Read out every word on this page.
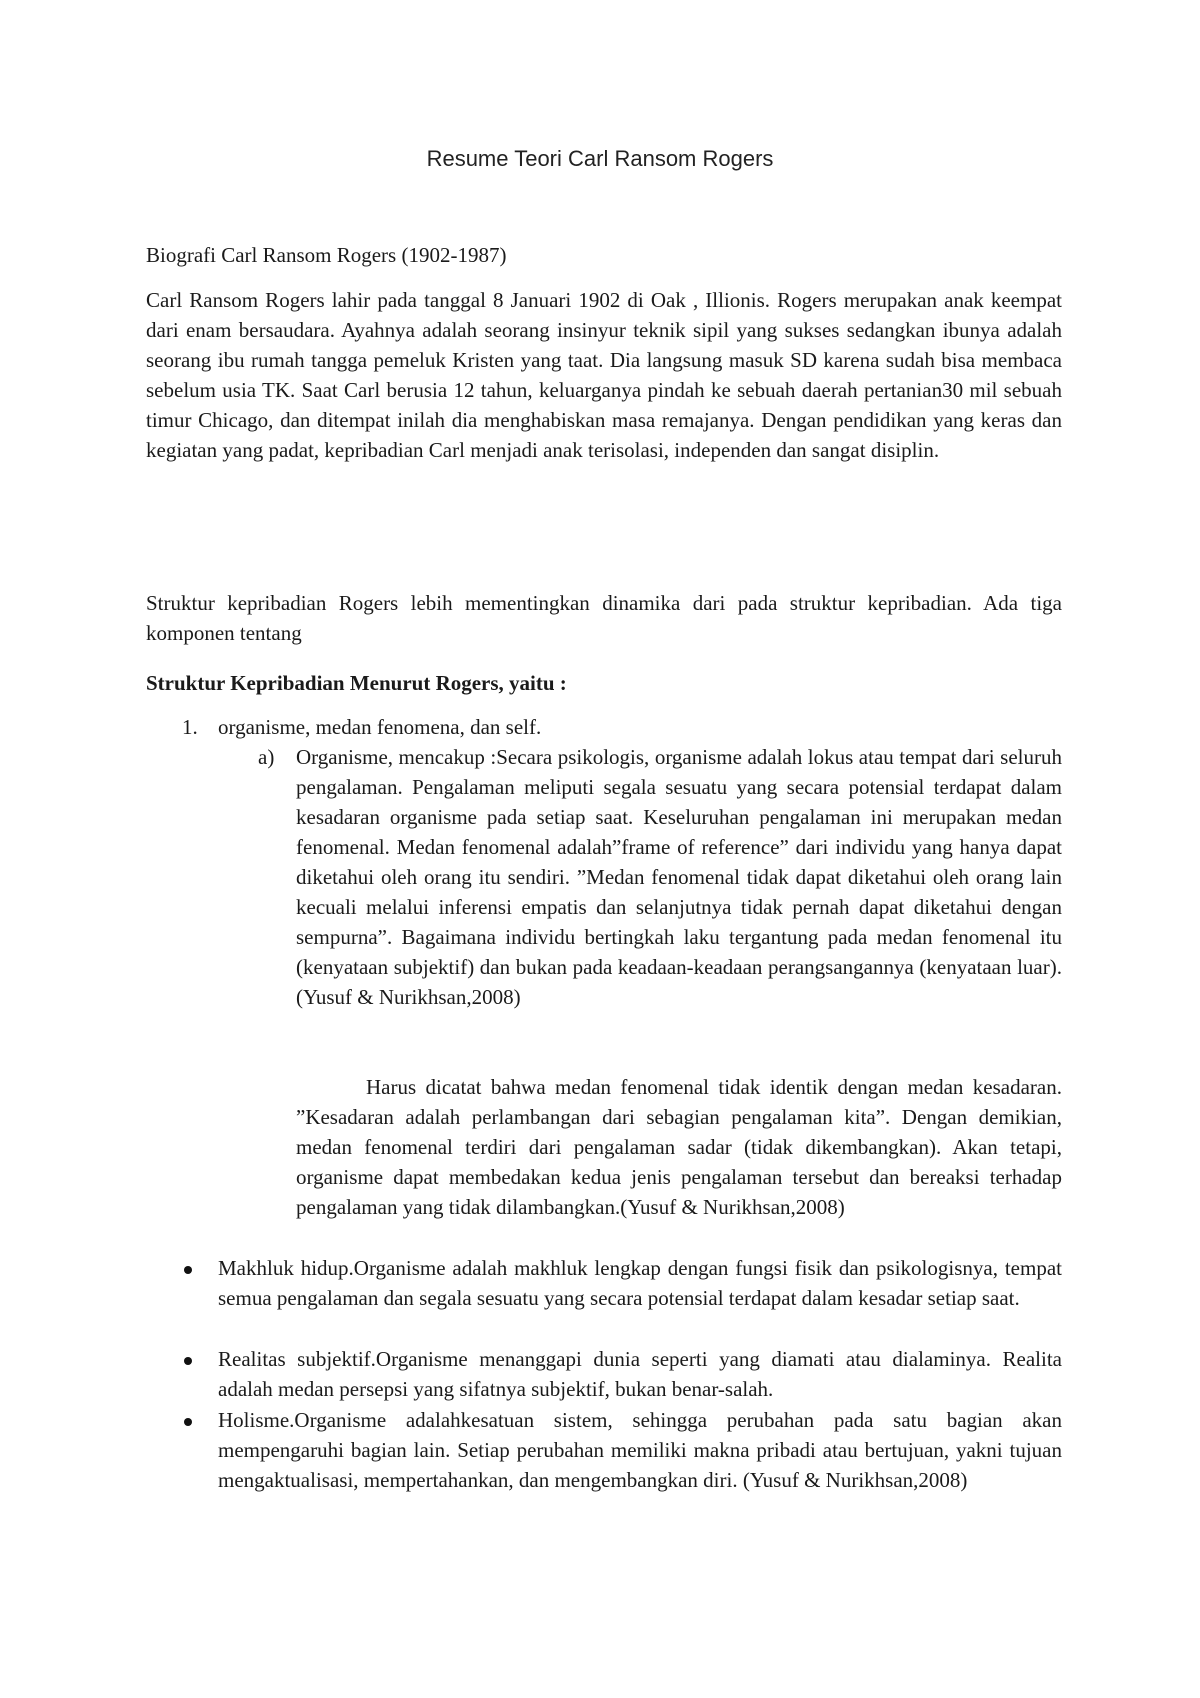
Resume Teori Carl Ransom Rogers

Biografi Carl Ransom Rogers (1902-1987)

Carl Ransom Rogers lahir pada tanggal 8 Januari 1902 di Oak , Illionis. Rogers merupakan anak keempat dari enam bersaudara. Ayahnya adalah seorang insinyur teknik sipil yang sukses sedangkan ibunya adalah seorang ibu rumah tangga pemeluk Kristen yang taat. Dia langsung masuk SD karena sudah bisa membaca sebelum usia TK. Saat Carl berusia 12 tahun, keluarganya pindah ke sebuah daerah pertanian30 mil sebuah timur Chicago, dan ditempat inilah dia menghabiskan masa remajanya. Dengan pendidikan yang keras dan kegiatan yang padat, kepribadian Carl menjadi anak terisolasi, independen dan sangat disiplin.

Struktur kepribadian Rogers lebih mementingkan dinamika dari pada struktur kepribadian. Ada tiga komponen tentang

Struktur Kepribadian Menurut Rogers, yaitu :

1. organisme, medan fenomena, dan self.
a) Organisme, mencakup :Secara psikologis, organisme adalah lokus atau tempat dari seluruh pengalaman. Pengalaman meliputi segala sesuatu yang secara potensial terdapat dalam kesadaran organisme pada setiap saat. Keseluruhan pengalaman ini merupakan medan fenomenal. Medan fenomenal adalah”frame of reference” dari individu yang hanya dapat diketahui oleh orang itu sendiri. ”Medan fenomenal tidak dapat diketahui oleh orang lain kecuali melalui inferensi empatis dan selanjutnya tidak pernah dapat diketahui dengan sempurna”. Bagaimana individu bertingkah laku tergantung pada medan fenomenal itu (kenyataan subjektif) dan bukan pada keadaan-keadaan perangsangannya (kenyataan luar).(Yusuf & Nurikhsan,2008)

Harus dicatat bahwa medan fenomenal tidak identik dengan medan kesadaran. ”Kesadaran adalah perlambangan dari sebagian pengalaman kita”. Dengan demikian, medan fenomenal terdiri dari pengalaman sadar (tidak dikembangkan). Akan tetapi, organisme dapat membedakan kedua jenis pengalaman tersebut dan bereaksi terhadap pengalaman yang tidak dilambangkan.(Yusuf & Nurikhsan,2008)

Makhluk hidup.Organisme adalah makhluk lengkap dengan fungsi fisik dan psikologisnya, tempat semua pengalaman dan segala sesuatu yang secara potensial terdapat dalam kesadar setiap saat.

Realitas subjektif.Organisme menanggapi dunia seperti yang diamati atau dialaminya. Realita adalah medan persepsi yang sifatnya subjektif, bukan benar-salah.

Holisme.Organisme adalahkesatuan sistem, sehingga perubahan pada satu bagian akan mempengaruhi bagian lain. Setiap perubahan memiliki makna pribadi atau bertujuan, yakni tujuan mengaktualisasi, mempertahankan, dan mengembangkan diri. (Yusuf & Nurikhsan,2008)
